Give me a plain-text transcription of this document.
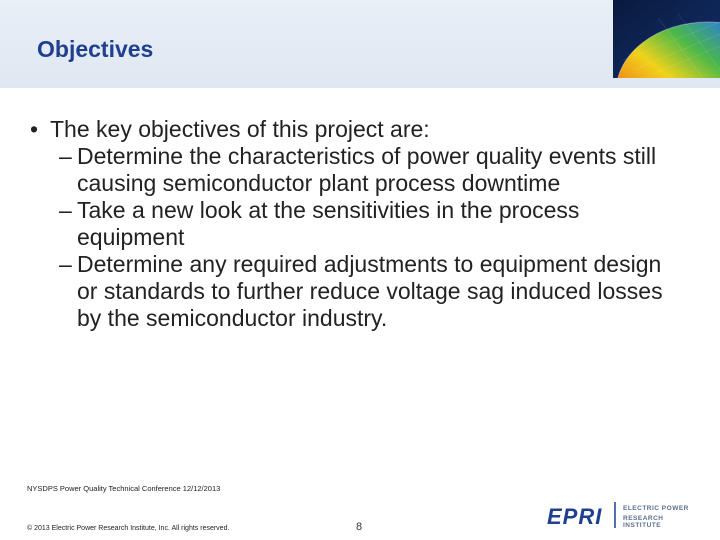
Objectives
• The key objectives of this project are:
– Determine the characteristics of power quality events still causing semiconductor plant process downtime
– Take a new look at the sensitivities in the process equipment
– Determine any required adjustments to equipment design or standards to further reduce voltage sag induced losses by the semiconductor industry.
NYSDPS Power Quality Technical Conference 12/12/2013
© 2013 Electric Power Research Institute, Inc. All rights reserved.	8	EPRI	ELECTRIC POWER
RESEARCH INSTITUTE
